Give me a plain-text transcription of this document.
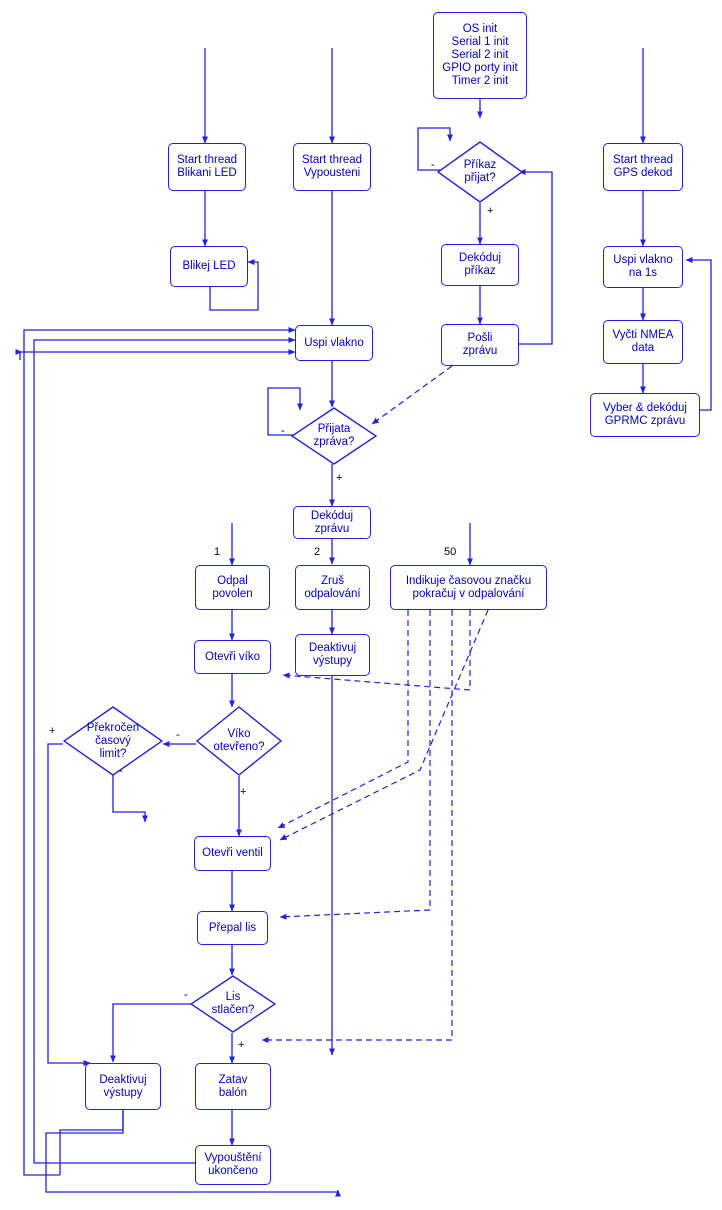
OS init
Serial 1 init
Serial 2 init
GPIO porty init
Timer 2 init
Start thread
Blikani LED
Start thread
Vypousteni
Start thread
GPS dekod
Blikej LED
Příkaz
přijat?
Dekóduj
příkaz
Pošli
zprávu
Uspi vlakno
na 1s
Vyčti NMEA
data
Vyber & dekóduj
GPRMC zprávu
Uspi vlakno
Přijata
zpráva?
Dekóduj
zprávu
Odpal
povolen
Zruš
odpalování
Indikuje časovou značku
pokračuj v odpalování
Otevři víko
Deaktivuj
výstupy
Překročen
časový
limit?
Víko
otevřeno?
Otevři ventil
Přepal lis
Lis
stlačen?
Deaktivuj
výstupy
Zatav
balón
Vypouštění
ukončeno
-
+
-
+
1	2	50
-
+
+
-
-
+
